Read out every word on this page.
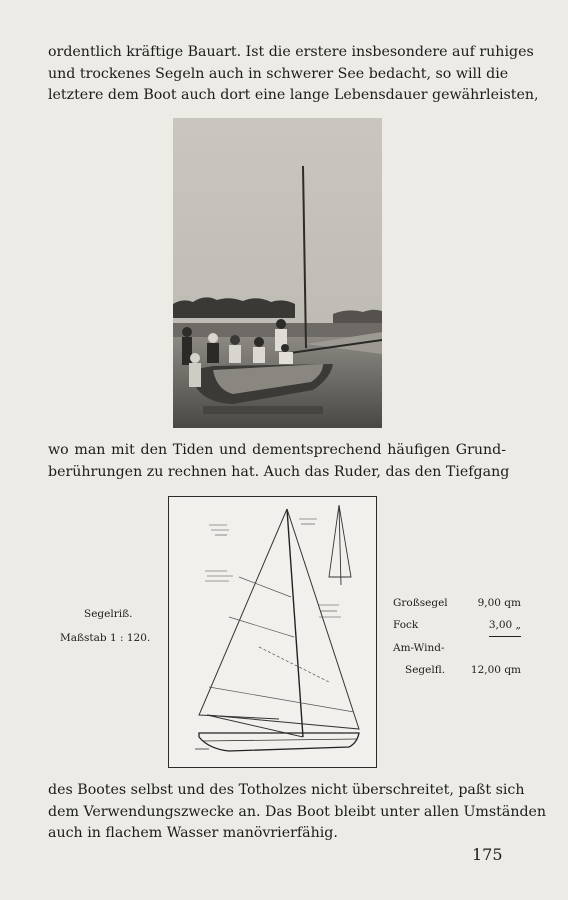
ordentlich kräftige Bauart. Ist die erstere insbesondere auf ruhiges
und trockenes Segeln auch in schwerer See bedacht, so will die
letztere dem Boot auch dort eine lange Lebensdauer gewährleisten,
wo man mit den Tiden und dementsprechend häufigen Grund-
berührungen zu rechnen hat. Auch das Ruder, das den Tiefgang
Segelriß.
Maßstab 1 : 120.
Großsegel	9,00 qm
Fock	3,00 „
Am-Wind-
Segelfl. 12,00 qm
des Bootes selbst und des Totholzes nicht überschreitet, paßt sich
dem Verwendungszwecke an. Das Boot bleibt unter allen Umständen
auch in flachem Wasser manövrierfähig.
175
